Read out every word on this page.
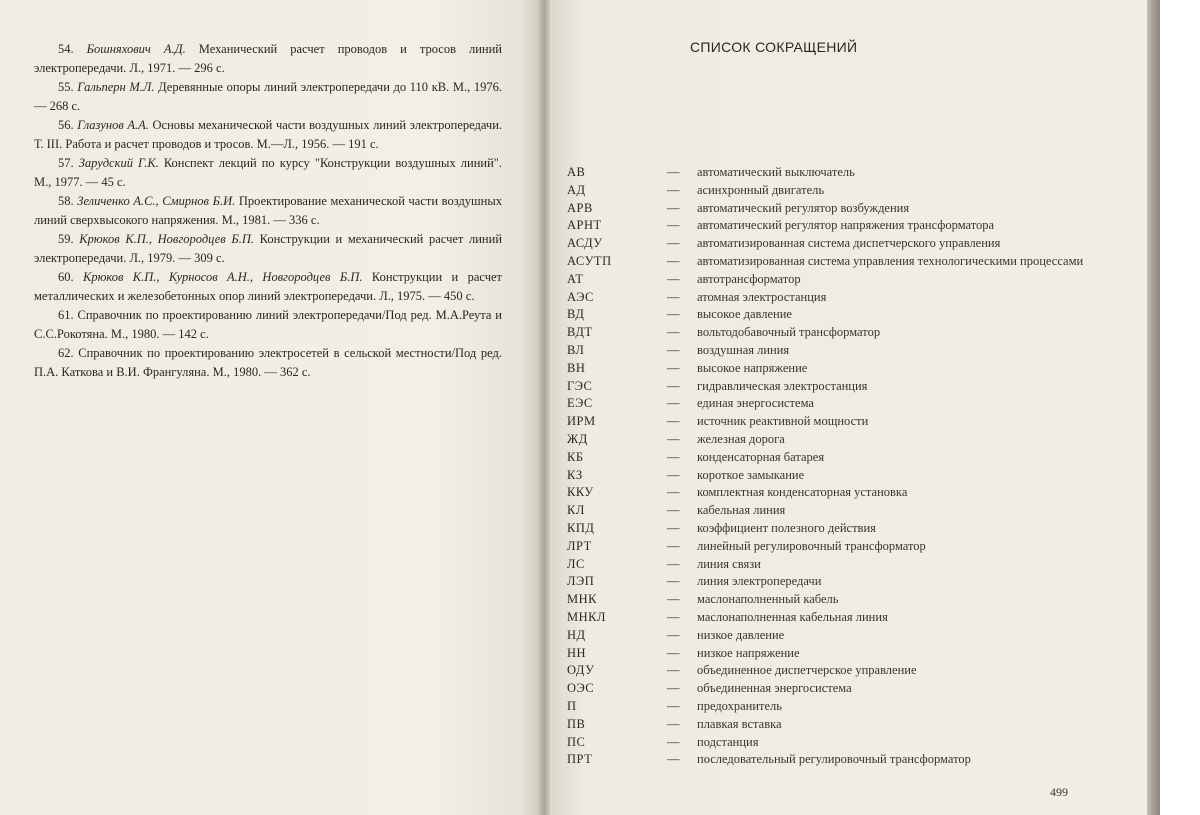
54. Бошняхович А.Д. Механический расчет проводов и тросов линий электропередачи. Л., 1971. — 296 с.

55. Гальперн М.Л. Деревянные опоры линий электропередачи до 110 кВ. М., 1976. — 268 с.

56. Глазунов А.А. Основы механической части воздушных линий электропередачи. Т. III. Работа и расчет проводов и тросов. М.—Л., 1956. — 191 с.

57. Зарудский Г.К. Конспект лекций по курсу "Конструкции воздушных линий". М., 1977. — 45 с.

58. Зеличенко А.С., Смирнов Б.И. Проектирование механической части воздушных линий сверхвысокого напряжения. М., 1981. — 336 с.

59. Крюков К.П., Новгородцев Б.П. Конструкции и механический расчет линий электропередачи. Л., 1979. — 309 с.

60. Крюков К.П., Курносов А.Н., Новгородцев Б.П. Конструкции и расчет металлических и железобетонных опор линий электропередачи. Л., 1975. — 450 с.

61. Справочник по проектированию линий электропередачи/Под ред. М.А.Реута и С.С.Рокотяна. М., 1980. — 142 с.

62. Справочник по проектированию электросетей в сельской местности/Под ред. П.А. Каткова и В.И. Франгуляна. М., 1980. — 362 с.

СПИСОК СОКРАЩЕНИЙ
АВ	—	автоматический выключатель
АД	—	асинхронный двигатель
АРВ	—	автоматический регулятор возбуждения
АРНТ	—	автоматический регулятор напряжения трансформатора
АСДУ	—	автоматизированная система диспетчерского управления
АСУТП	—	автоматизированная система управления технологическими процессами
АТ	—	автотрансформатор
АЭС	—	атомная электростанция
ВД	—	высокое давление
ВДТ	—	вольтодобавочный трансформатор
ВЛ	—	воздушная линия
ВН	—	высокое напряжение
ГЭС	—	гидравлическая электростанция
ЕЭС	—	единая энергосистема
ИРМ	—	источник реактивной мощности
ЖД	—	железная дорога
КБ	—	конденсаторная батарея
КЗ	—	короткое замыкание
ККУ	—	комплектная конденсаторная установка
КЛ	—	кабельная линия
КПД	—	коэффициент полезного действия
ЛРТ	—	линейный регулировочный трансформатор
ЛС	—	линия связи
ЛЭП	—	линия электропередачи
МНК	—	маслонаполненный кабель
МНКЛ	—	маслонаполненная кабельная линия
НД	—	низкое давление
НН	—	низкое напряжение
ОДУ	—	объединенное диспетчерское управление
ОЭС	—	объединенная энергосистема
П	—	предохранитель
ПВ	—	плавкая вставка
ПС	—	подстанция
ПРТ	—	последовательный регулировочный трансформатор
499
